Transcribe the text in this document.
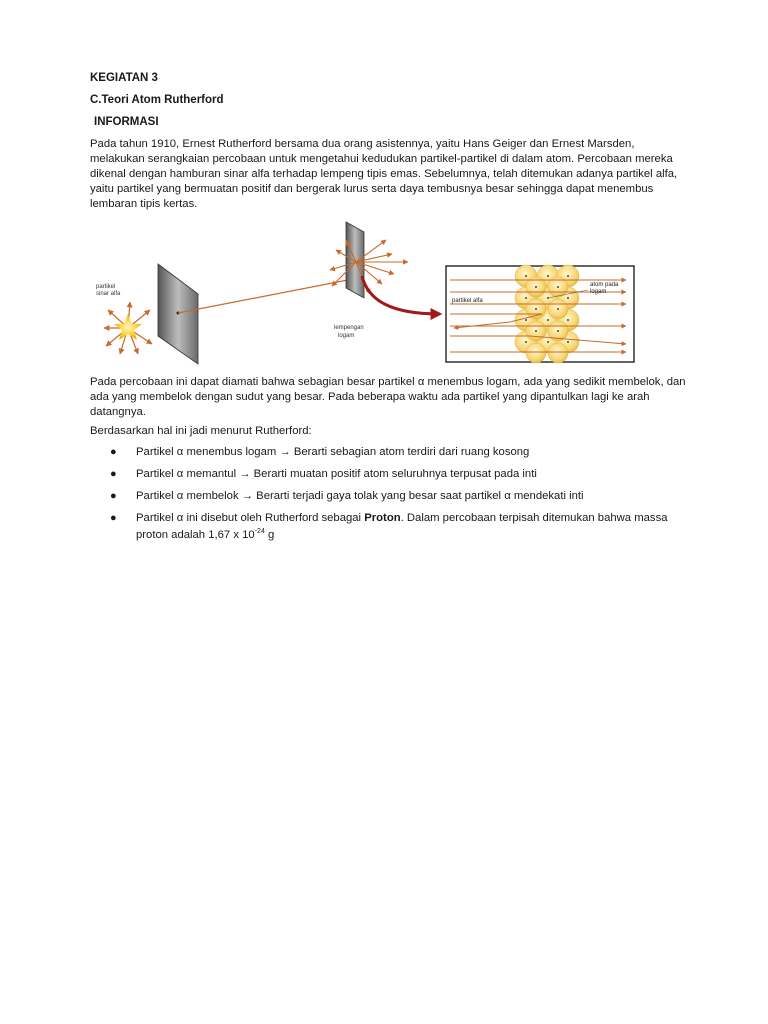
KEGIATAN 3
C.Teori Atom Rutherford
INFORMASI

Pada tahun 1910, Ernest Rutherford bersama dua orang asistennya, yaitu Hans Geiger dan Ernest Marsden, melakukan serangkaian percobaan untuk mengetahui kedudukan partikel-partikel di dalam atom. Percobaan mereka dikenal dengan hamburan sinar alfa terhadap lempeng tipis emas. Sebelumnya, telah ditemukan adanya partikel alfa, yaitu partikel yang bermuatan positif dan bergerak lurus serta daya tembusnya besar sehingga dapat menembus lembaran tipis kertas.

partikel
sinar alfa
lempengan
logam
partikel alfa
atom pada
logam

Pada percobaan ini dapat diamati bahwa sebagian besar partikel α menembus logam, ada yang sedikit membelok, dan ada yang membelok dengan sudut yang besar. Pada beberapa waktu ada partikel yang dipantulkan lagi ke arah datangnya.

Berdasarkan hal ini jadi menurut Rutherford:

● Partikel α menembus logam → Berarti sebagian atom terdiri dari ruang kosong
● Partikel α memantul → Berarti muatan positif atom seluruhnya terpusat pada inti
● Partikel α membelok → Berarti terjadi gaya tolak yang besar saat partikel α mendekati inti
● Partikel α ini disebut oleh Rutherford sebagai Proton. Dalam percobaan terpisah ditemukan bahwa massa proton adalah 1,67 x $10^{-24}$ g
